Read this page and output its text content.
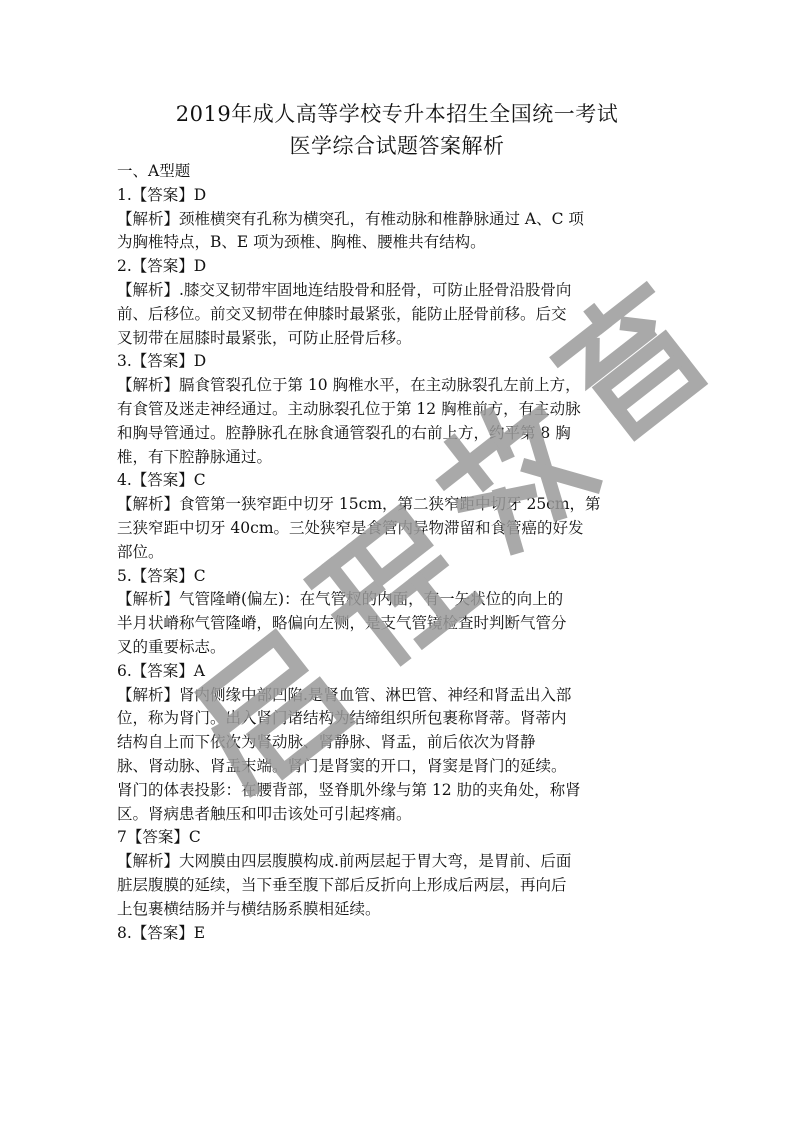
2019年成人高等学校专升本招生全国统一考试
医学综合试题答案解析

一、A型题

1.【答案】D

【解析】颈椎横突有孔称为横突孔，有椎动脉和椎静脉通过 A、C 项

为胸椎特点，B、E 项为颈椎、胸椎、腰椎共有结构。

2.【答案】D

【解析】.膝交叉韧带牢固地连结股骨和胫骨，可防止胫骨沿股骨向

前、后移位。前交叉韧带在伸膝时最紧张，能防止胫骨前移。后交

叉韧带在屈膝时最紧张，可防止胫骨后移。

3.【答案】D

【解析】膈食管裂孔位于第 10 胸椎水平，在主动脉裂孔左前上方，

有食管及迷走神经通过。主动脉裂孔位于第 12 胸椎前方，有主动脉

和胸导管通过。腔静脉孔在脉食通管裂孔的右前上方，约平第 8 胸

椎，有下腔静脉通过。

4.【答案】C

【解析】食管第一狭窄距中切牙 15cm，第二狭窄距中切牙 25cm，第

三狭窄距中切牙 40cm。三处狭窄是食管内异物滞留和食管癌的好发

部位。

5.【答案】C

【解析】气管隆嵴(偏左)：在气管杈的内面，有一矢状位的向上的

半月状嵴称气管隆嵴，略偏向左侧，是支气管镜检查时判断气管分

叉的重要标志。

6.【答案】A

【解析】肾内侧缘中部凹陷.是肾血管、淋巴管、神经和肾盂出入部

位，称为肾门。出入肾门诸结构为结缔组织所包裹称肾蒂。肾蒂内

结构自上而下依次为肾动脉、肾静脉、肾盂，前后依次为肾静

脉、肾动脉、肾盂末端。肾门是肾窦的开口，肾窦是肾门的延续。

肾门的体表投影：在腰背部，竖脊肌外缘与第 12 肋的夹角处，称肾

区。肾病患者触压和叩击该处可引起疼痛。

7【答案】C

【解析】大网膜由四层腹膜构成.前两层起于胃大弯，是胃前、后面

脏层腹膜的延续，当下垂至腹下部后反折向上形成后两层，再向后

上包裹横结肠并与横结肠系膜相延续。

8.【答案】E
